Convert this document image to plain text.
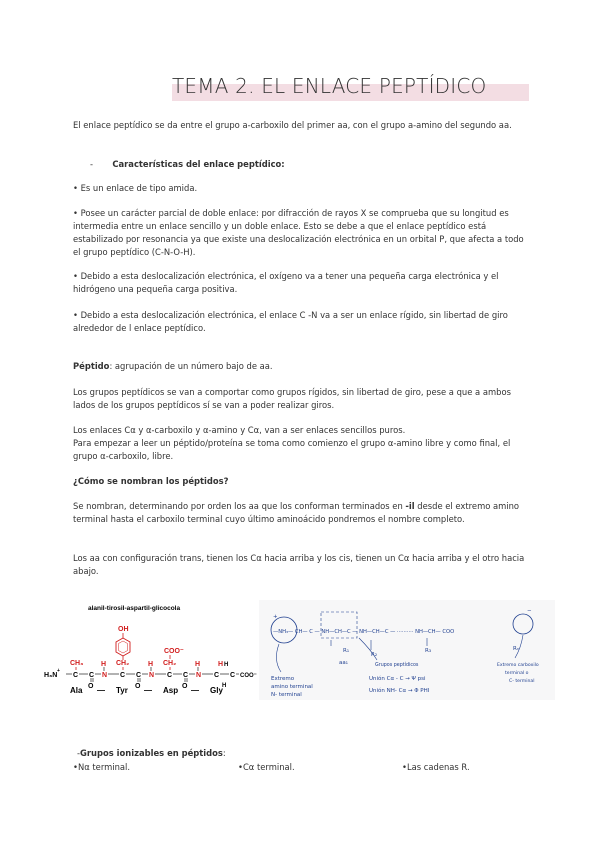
TEMA 2. EL ENLACE PEPTÍDICO

El enlace peptídico se da entre el grupo a-carboxilo del primer aa, con el grupo a-amino del segundo aa.

- Características del enlace peptídico:

• Es un enlace de tipo amida.

• Posee un carácter parcial de doble enlace: por difracción de rayos X se comprueba que su longitud es intermedia entre un enlace sencillo y un doble enlace. Esto se debe a que el enlace peptídico está estabilizado por resonancia ya que existe una deslocalización electrónica en un orbital P, que afecta a todo el grupo peptídico (C-N-O-H).

• Debido a esta deslocalización electrónica, el oxígeno va a tener una pequeña carga electrónica y el hidrógeno una pequeña carga positiva.

• Debido a esta deslocalización electrónica, el enlace C -N va a ser un enlace rígido, sin libertad de giro alrededor de l enlace peptídico.

Péptido: agrupación de un número bajo de aa.

Los grupos peptídicos se van a comportar como grupos rígidos, sin libertad de giro, pese a que a ambos lados de los grupos peptídicos sí se van a poder realizar giros.

Los enlaces Cα y α-carboxilo y α-amino y Cα, van a ser enlaces sencillos puros.

Para empezar a leer un péptido/proteína se toma como comienzo el grupo α-amino libre y como final, el grupo α-carboxilo, libre.

¿Cómo se nombran los péptidos?

Se nombran, determinando por orden los aa que los conforman terminados en -il desde el extremo amino terminal hasta el carboxilo terminal cuyo último aminoácido pondremos el nombre completo.

Los aa con configuración trans, tienen los Cα hacia arriba y los cis, tienen un Cα hacia arriba y el otro hacia abajo.

alanil-tirosil-aspartil-glicocola
OH
COO⁻
CH₃	CH₂	CH₂
H	H	H	H
O	O	O
H₃N
+
C C N C C N C C N C C
H
H
COO⁻
Ala — Tyr — Asp — Gly
+
−
—NH₃— CH— C — NH—CH—C — NH—CH—C — ·········· NH—CH— COO
R₁
R₂
R₃	Rₙ
aa₁	Grupos peptídicos
Extremo
amino terminal
N- terminal
Extremo carboxilo
terminal o
C- terminal
Unión Cα - C → Ψ psi
Unión NH- Cα → Φ PHI
-Grupos ionizables en péptidos:
•Nα terminal.	•Cα terminal.	•Las cadenas R.
